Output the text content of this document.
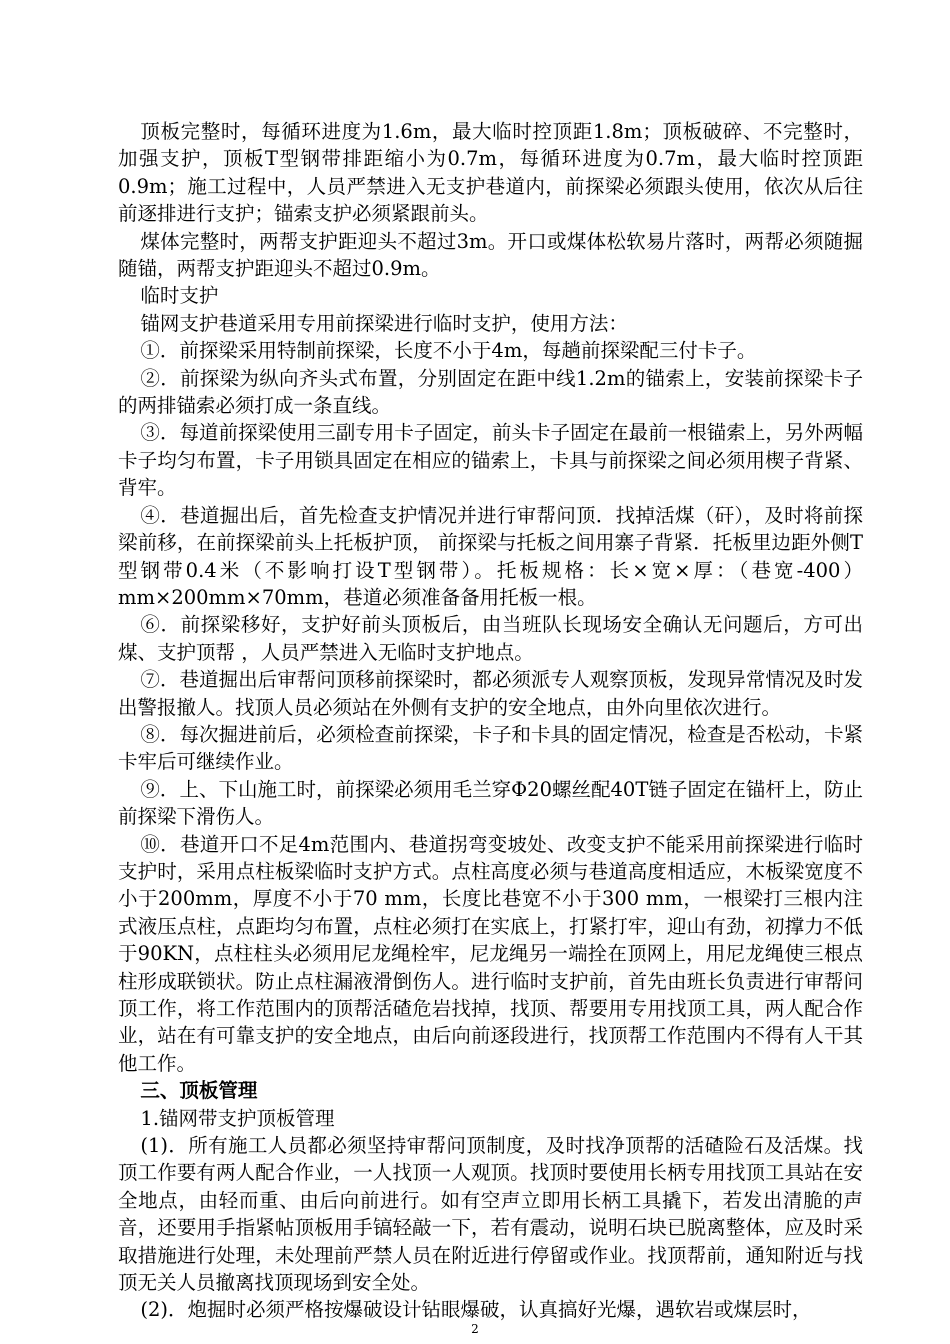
顶板完整时，每循环进度为1.6m，最大临时控顶距1.8m；顶板破碎、不完整时，加强支护，顶板T型钢带排距缩小为0.7m，每循环进度为0.7m，最大临时控顶距0.9m；施工过程中，人员严禁进入无支护巷道内，前探梁必须跟头使用，依次从后往前逐排进行支护；锚索支护必须紧跟前头。

煤体完整时，两帮支护距迎头不超过3m。开口或煤体松软易片落时，两帮必须随掘随锚，两帮支护距迎头不超过0.9m。

临时支护

锚网支护巷道采用专用前探梁进行临时支护，使用方法：

①．前探梁采用特制前探梁，长度不小于4m，每趟前探梁配三付卡子。

②．前探梁为纵向齐头式布置，分别固定在距中线1.2m的锚索上，安装前探梁卡子的两排锚索必须打成一条直线。

③．每道前探梁使用三副专用卡子固定，前头卡子固定在最前一根锚索上，另外两幅卡子均匀布置，卡子用锁具固定在相应的锚索上，卡具与前探梁之间必须用楔子背紧、背牢。

④．巷道掘出后，首先检查支护情况并进行审帮问顶．找掉活煤（矸），及时将前探梁前移，在前探梁前头上托板护顶， 前探梁与托板之间用寨子背紧．托板里边距外侧T型钢带0.4米（不影响打设T型钢带）。托板规格：长×宽×厚：（巷宽-400）mm×200mm×70mm，巷道必须准备备用托板一根。

⑥．前探梁移好，支护好前头顶板后，由当班队长现场安全确认无问题后，方可出煤、支护顶帮 ，人员严禁进入无临时支护地点。

⑦．巷道掘出后审帮问顶移前探梁时，都必须派专人观察顶板，发现异常情况及时发出警报撤人。找顶人员必须站在外侧有支护的安全地点，由外向里依次进行。

⑧．每次掘进前后，必须检查前探梁，卡子和卡具的固定情况，检查是否松动，卡紧卡牢后可继续作业。

⑨．上、下山施工时，前探梁必须用毛兰穿Φ20螺丝配40T链子固定在锚杆上，防止前探梁下滑伤人。

⑩．巷道开口不足4m范围内、巷道拐弯变坡处、改变支护不能采用前探梁进行临时支护时，采用点柱板梁临时支护方式。点柱高度必须与巷道高度相适应，木板梁宽度不小于200mm，厚度不小于70 mm，长度比巷宽不小于300 mm，一根梁打三根内注式液压点柱，点距均匀布置，点柱必须打在实底上，打紧打牢，迎山有劲，初撑力不低于90KN，点柱柱头必须用尼龙绳栓牢，尼龙绳另一端拴在顶网上，用尼龙绳使三根点柱形成联锁状。防止点柱漏液滑倒伤人。进行临时支护前，首先由班长负责进行审帮问顶工作，将工作范围内的顶帮活碴危岩找掉，找顶、帮要用专用找顶工具，两人配合作业，站在有可靠支护的安全地点，由后向前逐段进行，找顶帮工作范围内不得有人干其他工作。

三、顶板管理

1.锚网带支护顶板管理

(1)．所有施工人员都必须坚持审帮问顶制度，及时找净顶帮的活碴险石及活煤。找顶工作要有两人配合作业，一人找顶一人观顶。找顶时要使用长柄专用找顶工具站在安全地点，由轻而重、由后向前进行。如有空声立即用长柄工具撬下，若发出清脆的声音，还要用手指紧帖顶板用手镐轻敲一下，若有震动，说明石块已脱离整体，应及时采取措施进行处理，未处理前严禁人员在附近进行停留或作业。找顶帮前，通知附近与找顶无关人员撤离找顶现场到安全处。

(2)．炮掘时必须严格按爆破设计钻眼爆破，认真搞好光爆，遇软岩或煤层时，

2
